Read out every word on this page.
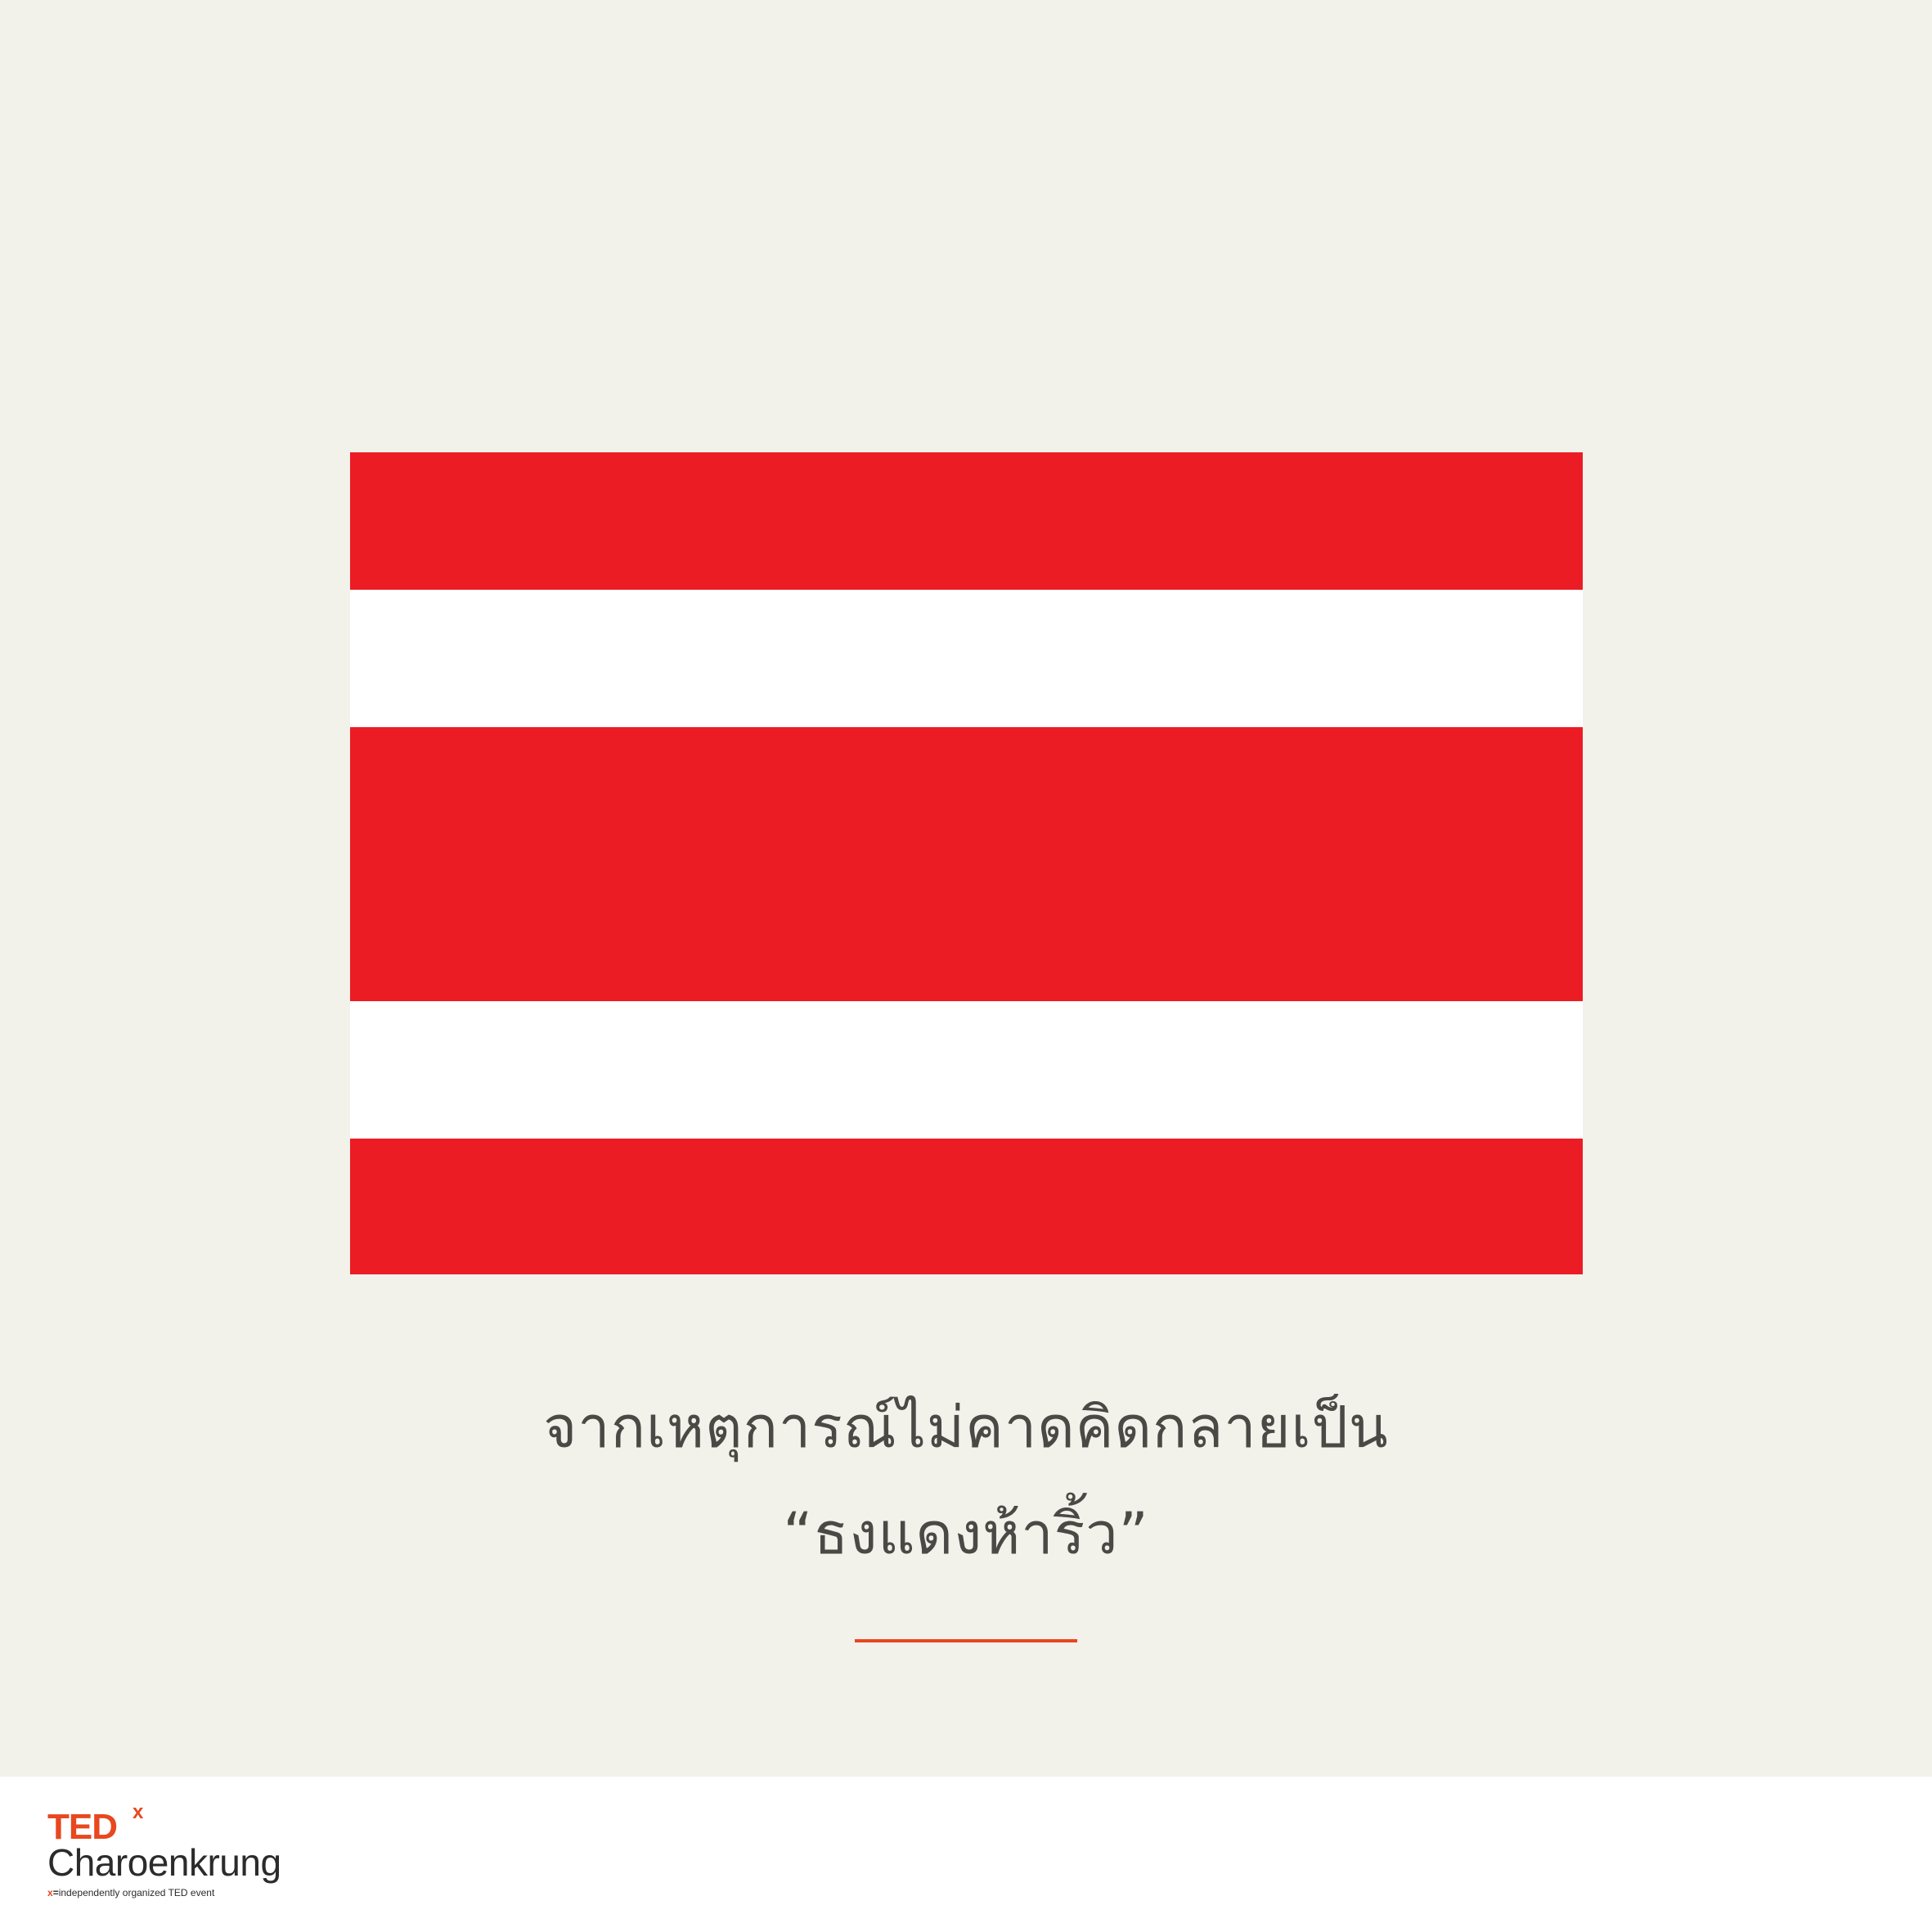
จากเหตุการณ์ไม่คาดคิดกลายเป็น
“ธงแดงห้าริ้ว”
TED x
Charoenkrung
x=independently organized TED event
